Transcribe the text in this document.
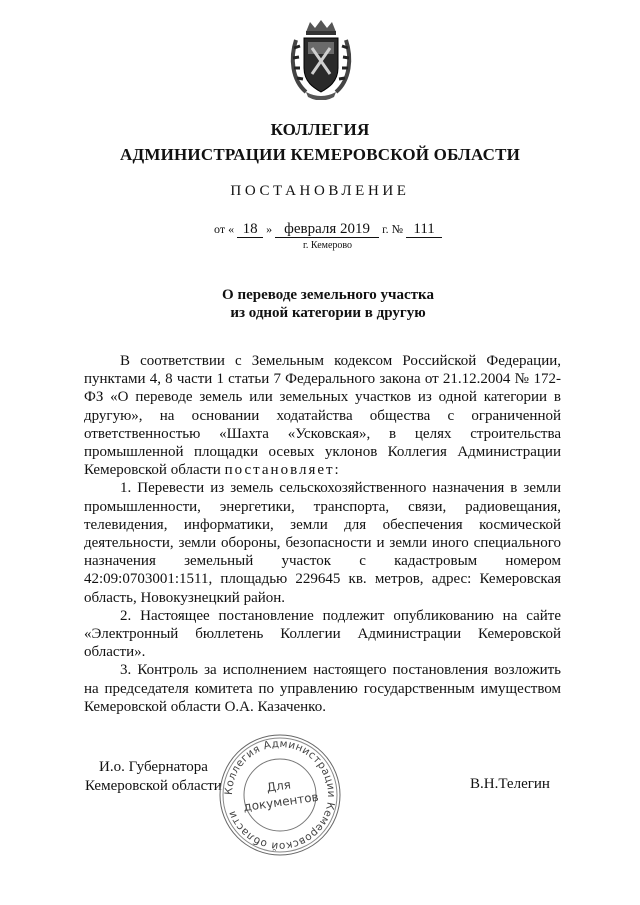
КОЛЛЕГИЯ
АДМИНИСТРАЦИИ КЕМЕРОВСКОЙ ОБЛАСТИ
ПОСТАНОВЛЕНИЕ
от « 18 » февраля 2019 г. № 111
г. Кемерово
О переводе земельного участка
из одной категории в другую

В соответствии с Земельным кодексом Российской Федерации, пунктами 4, 8 части 1 статьи 7 Федерального закона от 21.12.2004 № 172-ФЗ «О переводе земель или земельных участков из одной категории в другую», на основании ходатайства общества с ограниченной ответственностью «Шахта «Усковская», в целях строительства промышленной площадки осевых уклонов Коллегия Администрации Кемеровской области постановляет:

1. Перевести из земель сельскохозяйственного назначения в земли промышленности, энергетики, транспорта, связи, радиовещания, телевидения, информатики, земли для обеспечения космической деятельности, земли обороны, безопасности и земли иного специального назначения земельный участок с кадастровым номером 42:09:0703001:1511, площадью 229645 кв. метров, адрес: Кемеровская область, Новокузнецкий район.

2. Настоящее постановление подлежит опубликованию на сайте «Электронный бюллетень Коллегии Администрации Кемеровской области».

3. Контроль за исполнением настоящего постановления возложить на председателя комитета по управлению государственным имуществом Кемеровской области О.А. Казаченко.

И.о. Губернатора
Кемеровской области Коллегия Администрации Кемеровской области
Для
документов
В.Н.Телегин
